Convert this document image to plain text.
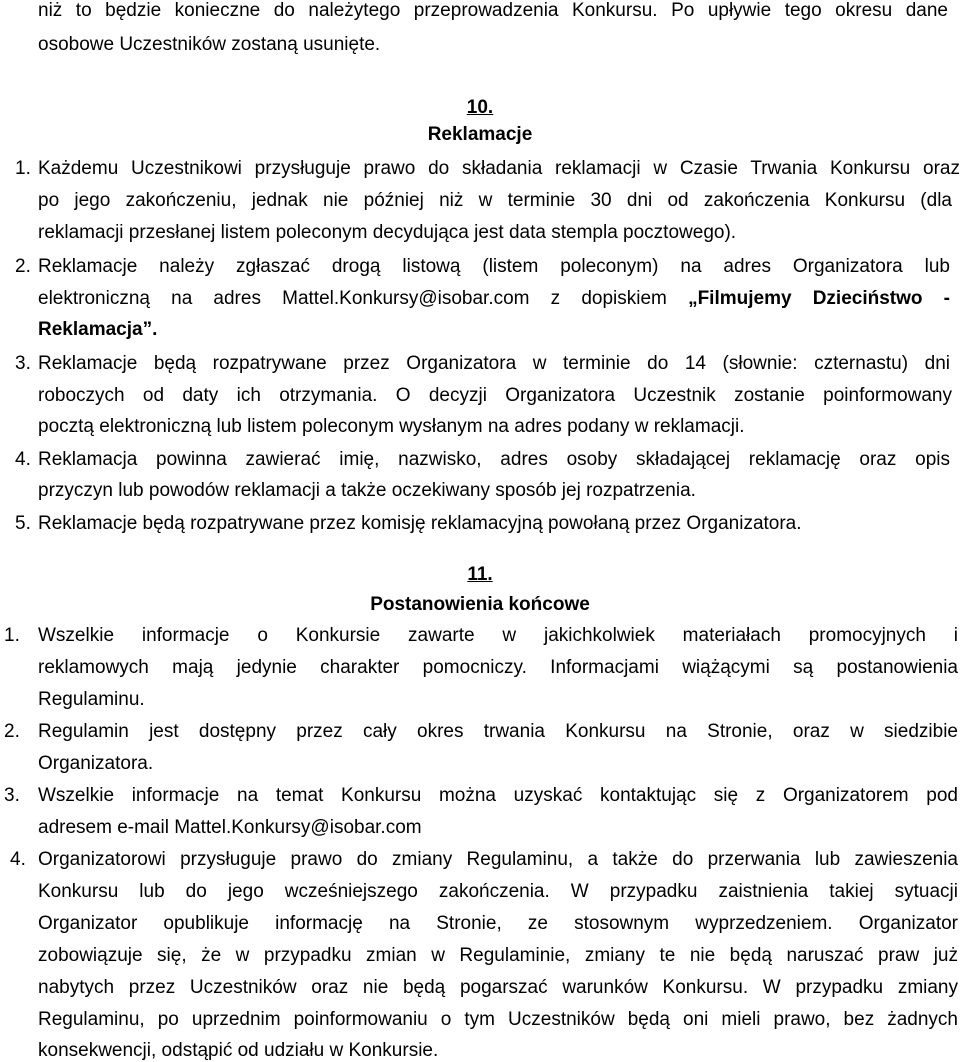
niż to będzie konieczne do należytego przeprowadzenia Konkursu. Po upływie tego okresu dane
osobowe Uczestników zostaną usunięte.
10.
Reklamacje
1. Każdemu Uczestnikowi przysługuje prawo do składania reklamacji w Czasie Trwania Konkursu oraz
po jego zakończeniu, jednak nie później niż w terminie 30 dni od zakończenia Konkursu (dla
reklamacji przesłanej listem poleconym decydująca jest data stempla pocztowego).
2. Reklamacje należy zgłaszać drogą listową (listem poleconym) na adres Organizatora lub
elektroniczną na adres Mattel.Konkursy@isobar.com z dopiskiem „Filmujemy Dzieciństwo -
Reklamacja”.
3. Reklamacje będą rozpatrywane przez Organizatora w terminie do 14 (słownie: czternastu) dni
roboczych od daty ich otrzymania. O decyzji Organizatora Uczestnik zostanie poinformowany
pocztą elektroniczną lub listem poleconym wysłanym na adres podany w reklamacji.
4. Reklamacja powinna zawierać imię, nazwisko, adres osoby składającej reklamację oraz opis
przyczyn lub powodów reklamacji a także oczekiwany sposób jej rozpatrzenia.
5. Reklamacje będą rozpatrywane przez komisję reklamacyjną powołaną przez Organizatora.
11.
Postanowienia końcowe
1. Wszelkie informacje o Konkursie zawarte w jakichkolwiek materiałach promocyjnych i
reklamowych mają jedynie charakter pomocniczy. Informacjami wiążącymi są postanowienia
Regulaminu.
2. Regulamin jest dostępny przez cały okres trwania Konkursu na Stronie, oraz w siedzibie
Organizatora.
3. Wszelkie informacje na temat Konkursu można uzyskać kontaktując się z Organizatorem pod
adresem e-mail Mattel.Konkursy@isobar.com
4. Organizatorowi przysługuje prawo do zmiany Regulaminu, a także do przerwania lub zawieszenia
Konkursu lub do jego wcześniejszego zakończenia. W przypadku zaistnienia takiej sytuacji
Organizator opublikuje informację na Stronie, ze stosownym wyprzedzeniem. Organizator
zobowiązuje się, że w przypadku zmian w Regulaminie, zmiany te nie będą naruszać praw już
nabytych przez Uczestników oraz nie będą pogarszać warunków Konkursu. W przypadku zmiany
Regulaminu, po uprzednim poinformowaniu o tym Uczestników będą oni mieli prawo, bez żadnych
konsekwencji, odstąpić od udziału w Konkursie.
